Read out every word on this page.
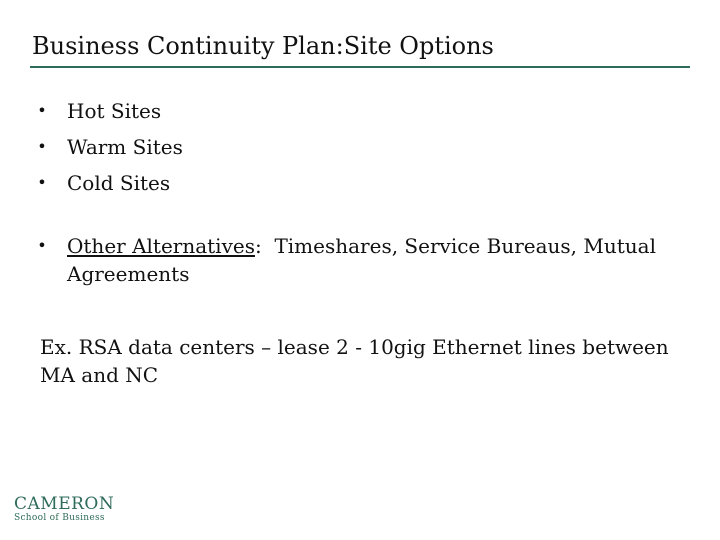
Business Continuity Plan:Site Options
• Hot Sites
• Warm Sites
• Cold Sites
•	Other Alternatives:  Timeshares, Service Bureaus, Mutual Agreements
Ex. RSA data centers – lease 2 - 10gig Ethernet lines between MA and NC
CAMERON
School of Business
